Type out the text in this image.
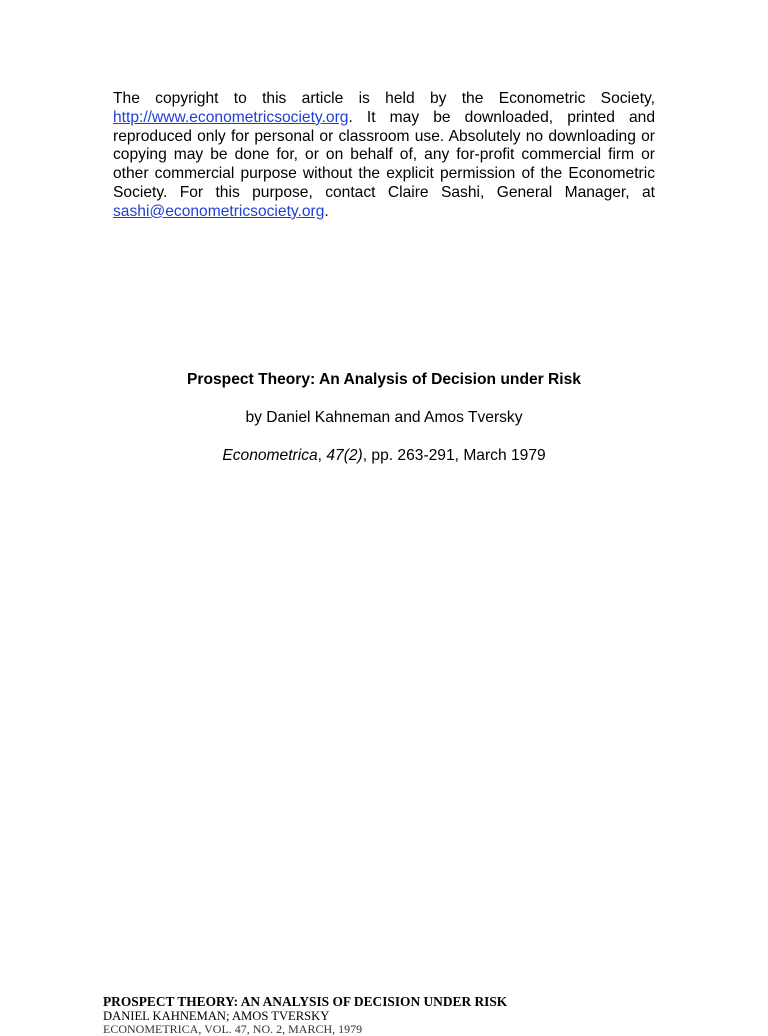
The copyright to this article is held by the Econometric Society, http://www.econometricsociety.org. It may be downloaded, printed and reproduced only for personal or classroom use. Absolutely no downloading or copying may be done for, or on behalf of, any for-profit commercial firm or other commercial purpose without the explicit permission of the Econometric Society. For this purpose, contact Claire Sashi, General Manager, at sashi@econometricsociety.org.

Prospect Theory: An Analysis of Decision under Risk

by Daniel Kahneman and Amos Tversky

Econometrica, 47(2), pp. 263-291, March 1979

PROSPECT THEORY: AN ANALYSIS OF DECISION UNDER RISK
DANIEL KAHNEMAN; AMOS TVERSKY
ECONOMETRICA, VOL. 47, NO. 2, MARCH, 1979
